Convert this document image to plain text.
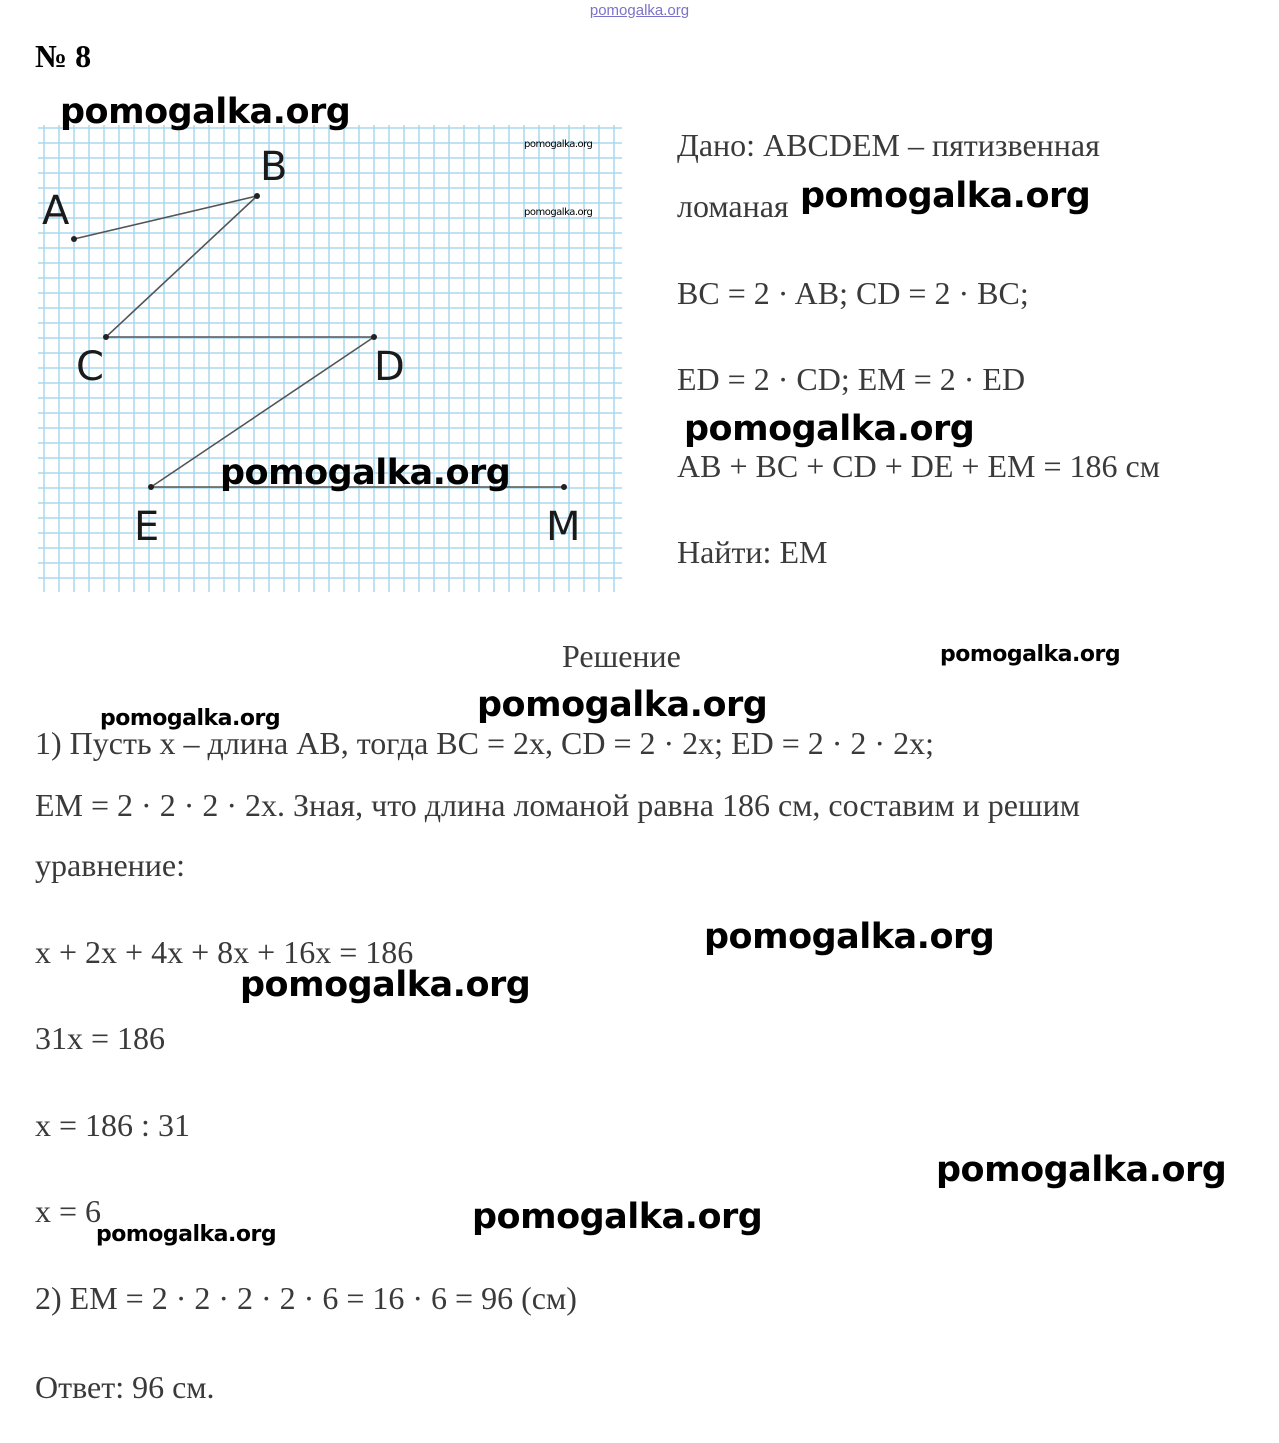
pomogalka.org
№ 8
A
B
C	D
E	M
Дано: ABCDEM – пятизвенная
ломаная
BC = 2 · AB; CD = 2 · BC;
ED = 2 · CD; EM = 2 · ED
AB + BC + CD + DE + EM = 186 см
Найти: EM
Решение
1) Пусть x – длина AB, тогда BC = 2x, CD = 2 · 2x; ED = 2 · 2 · 2x;
EM = 2 · 2 · 2 · 2x. Зная, что длина ломаной равна 186 см, составим и решим
уравнение:
x + 2x + 4x + 8x + 16x = 186
31x = 186
x = 186 : 31
x = 6
2) EM = 2 · 2 · 2 · 2 · 6 = 16 · 6 = 96 (см)
Ответ: 96 см.
pomogalka.org
pomogalka.org
pomogalka.org	pomogalka.org
pomogalka.org
pomogalka.org
pomogalka.org
pomogalka.org
pomogalka.org
pomogalka.org
pomogalka.org
pomogalka.org
pomogalka.org
pomogalka.org
